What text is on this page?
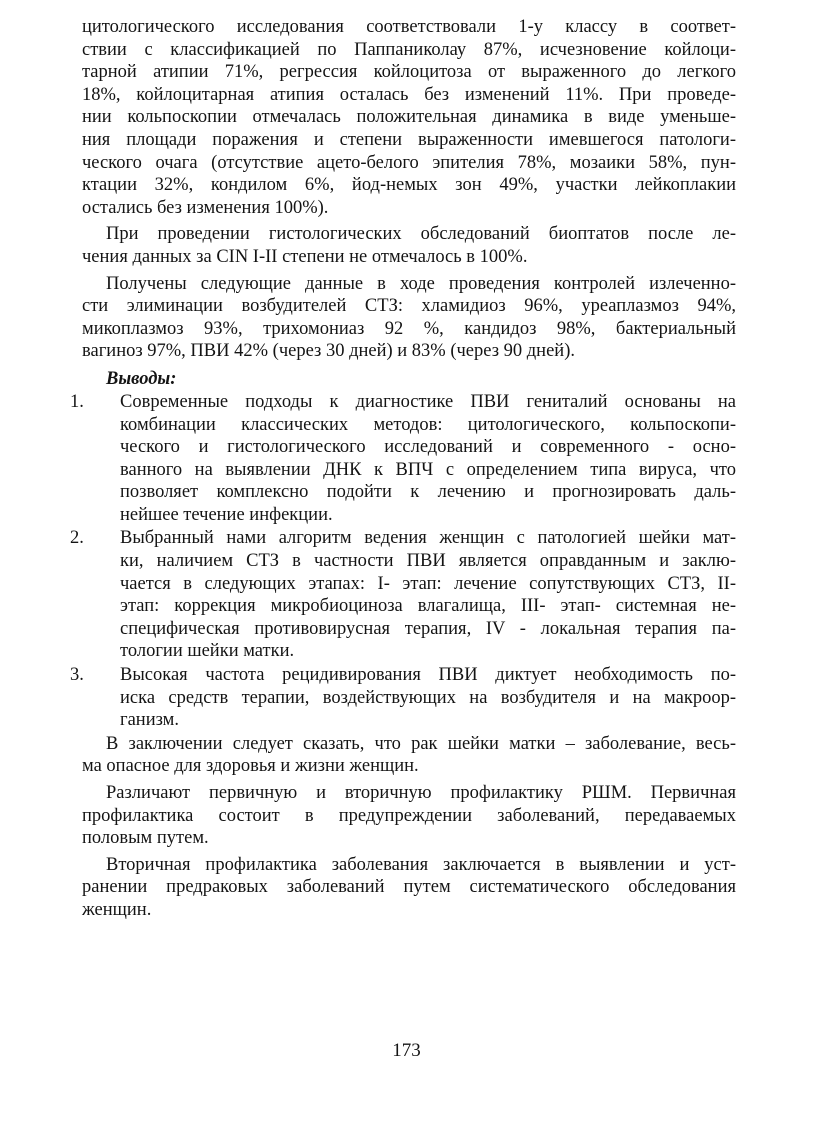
цитологического исследования соответствовали 1-у классу в соответ-
ствии с классификацией по Паппаниколау 87%, исчезновение койлоци-
тарной атипии 71%, регрессия койлоцитоза от выраженного до легкого
18%, койлоцитарная атипия осталась без изменений 11%. При проведе-
нии кольпоскопии отмечалась положительная динамика в виде уменьше-
ния площади поражения и степени выраженности имевшегося патологи-
ческого очага (отсутствие ацето-белого эпителия 78%, мозаики 58%, пун-
ктации 32%, кондилом 6%, йод-немых зон 49%, участки лейкоплакии
остались без изменения 100%).
При проведении гистологических обследований биоптатов после ле-
чения данных за CIN I-II степени не отмечалось в 100%.
Получены следующие данные в ходе проведения контролей излеченно-
сти элиминации возбудителей СТЗ: хламидиоз 96%, уреаплазмоз 94%,
микоплазмоз 93%, трихомониаз 92 %, кандидоз 98%, бактериальный
вагиноз 97%, ПВИ 42% (через 30 дней) и 83% (через 90 дней).
Выводы:
1. Современные подходы к диагностике ПВИ гениталий основаны на
комбинации классических методов: цитологического, кольпоскопи-
ческого и гистологического исследований и современного - осно-
ванного на выявлении ДНК к ВПЧ с определением типа вируса, что
позволяет комплексно подойти к лечению и прогнозировать даль-
нейшее течение инфекции.
2. Выбранный нами алгоритм ведения женщин с патологией шейки мат-
ки, наличием СТЗ в частности ПВИ является оправданным и заклю-
чается в следующих этапах: I- этап: лечение сопутствующих СТЗ, II-
этап: коррекция микробиоциноза влагалища, III- этап- системная не-
специфическая противовирусная терапия, IV - локальная терапия па-
тологии шейки матки.
3. Высокая частота рецидивирования ПВИ диктует необходимость по-
иска средств терапии, воздействующих на возбудителя и на макроор-
ганизм.
В заключении следует сказать, что рак шейки матки – заболевание, весь-
ма опасное для здоровья и жизни женщин.
Различают первичную и вторичную профилактику РШМ. Первичная
профилактика состоит в предупреждении заболеваний, передаваемых
половым путем.
Вторичная профилактика заболевания заключается в выявлении и уст-
ранении предраковых заболеваний путем систематического обследования
женщин.
173
